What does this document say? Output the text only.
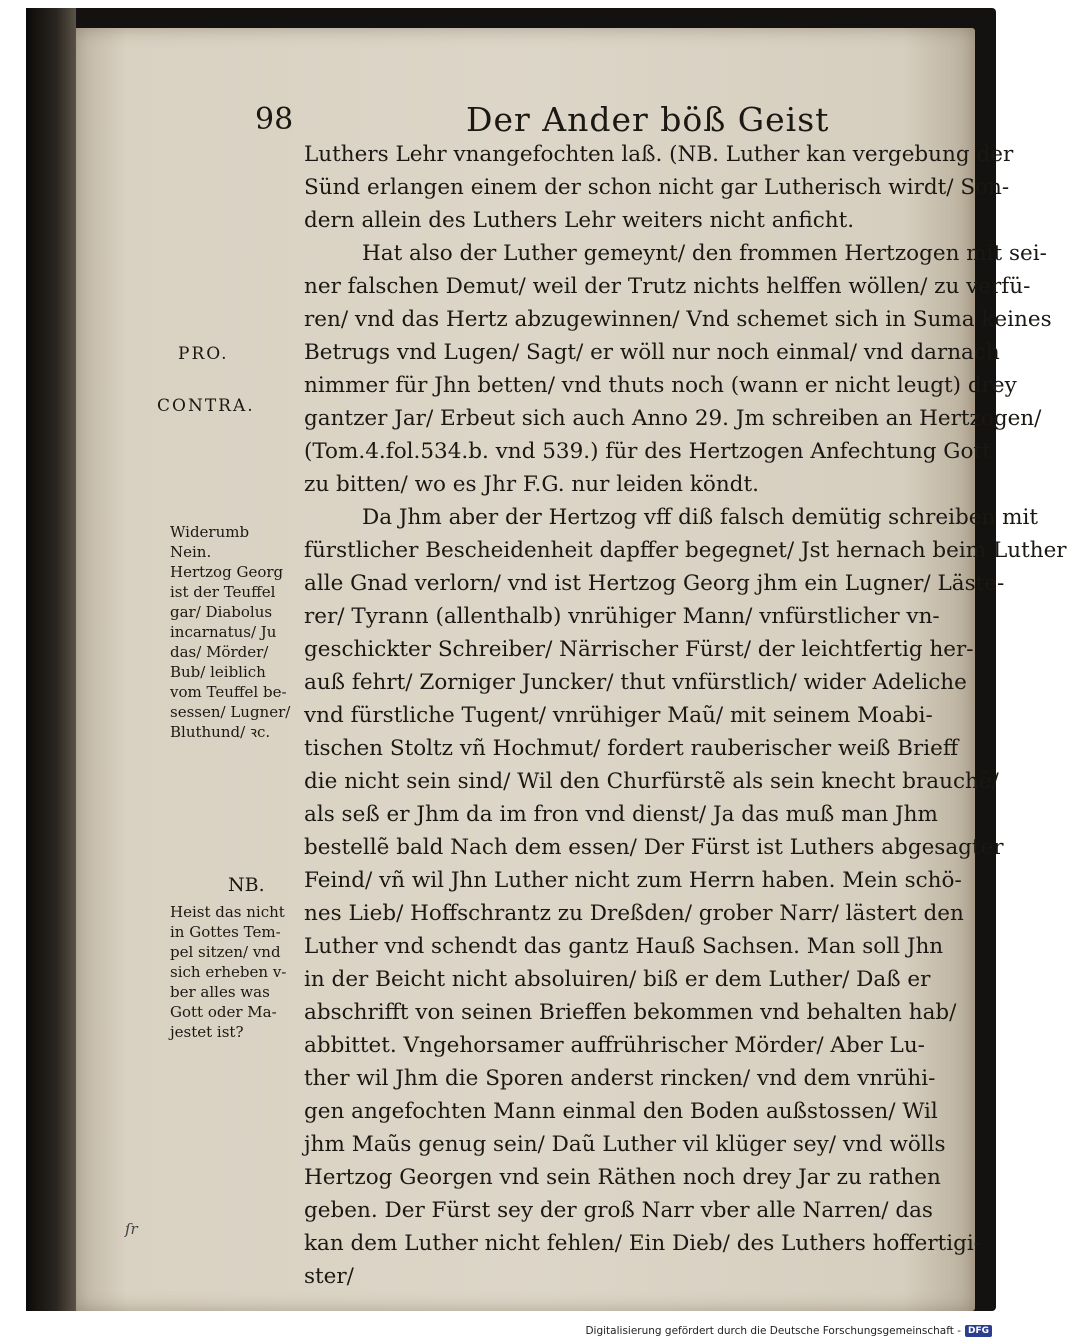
98	Der Ander böß Geist
Luthers Lehr vnangefochten laß. (NB. Luther kan vergebung der
Sünd erlangen einem der schon nicht gar Lutherisch wirdt/ Son-
dern allein des Luthers Lehr weiters nicht anficht.
Hat also der Luther gemeynt/ den frommen Hertzogen mit sei-
ner falschen Demut/ weil der Trutz nichts helffen wöllen/ zu verfü-
ren/ vnd das Hertz abzugewinnen/ Vnd schemet sich in Suma keines
Betrugs vnd Lugen/ Sagt/ er wöll nur noch einmal/ vnd darnach
nimmer für Jhn betten/ vnd thuts noch (wann er nicht leugt) drey
gantzer Jar/ Erbeut sich auch Anno 29. Jm schreiben an Hertzogen/
(Tom.4.fol.534.b. vnd 539.) für des Hertzogen Anfechtung Gott
zu bitten/ wo es Jhr F.G. nur leiden köndt.
Da Jhm aber der Hertzog vff diß falsch demütig schreiben mit
fürstlicher Bescheidenheit dapffer begegnet/ Jst hernach beim Luther
alle Gnad verlorn/ vnd ist Hertzog Georg jhm ein Lugner/ Läste-
rer/ Tyrann (allenthalb) vnrühiger Mann/ vnfürstlicher vn-
geschickter Schreiber/ Närrischer Fürst/ der leichtfertig her-
auß fehrt/ Zorniger Juncker/ thut vnfürstlich/ wider Adeliche
vnd fürstliche Tugent/ vnrühiger Maũ/ mit seinem Moabi-
tischen Stoltz vñ Hochmut/ fordert rauberischer weiß Brieff
die nicht sein sind/ Wil den Churfürstẽ als sein knecht brauchẽ/
als seß er Jhm da im fron vnd dienst/ Ja das muß man Jhm
bestellẽ bald Nach dem essen/ Der Fürst ist Luthers abgesagter
Feind/ vñ wil Jhn Luther nicht zum Herrn haben. Mein schö-
nes Lieb/ Hoffschrantz zu Dreßden/ grober Narr/ lästert den
Luther vnd schendt das gantz Hauß Sachsen. Man soll Jhn
in der Beicht nicht absoluiren/ biß er dem Luther/ Daß er
abschrifft von seinen Brieffen bekommen vnd behalten hab/
abbittet. Vngehorsamer auffrührischer Mörder/ Aber Lu-
ther wil Jhm die Sporen anderst rincken/ vnd dem vnrühi-
gen angefochten Mann einmal den Boden außstossen/ Wil
jhm Maũs genug sein/ Daũ Luther vil klüger sey/ vnd wölls
Hertzog Georgen vnd sein Räthen noch drey Jar zu rathen
geben. Der Fürst sey der groß Narr vber alle Narren/ das
kan dem Luther nicht fehlen/ Ein Dieb/ des Luthers hoffertigi-
ster/
PRO.
CONTRA.
Widerumb
Nein.
Hertzog Georg
ist der Teuffel
gar/ Diabolus
incarnatus/ Ju
das/ Mörder/
Bub/ leiblich
vom Teuffel be-
sessen/ Lugner/
Bluthund/ ꝛc.
NB.
Heist das nicht
in Gottes Tem-
pel sitzen/ vnd
sich erheben v-
ber alles was
Gott oder Ma-
jestet ist?
ſr
Digitalisierung gefördert durch die Deutsche Forschungsgemeinschaft - DFG
